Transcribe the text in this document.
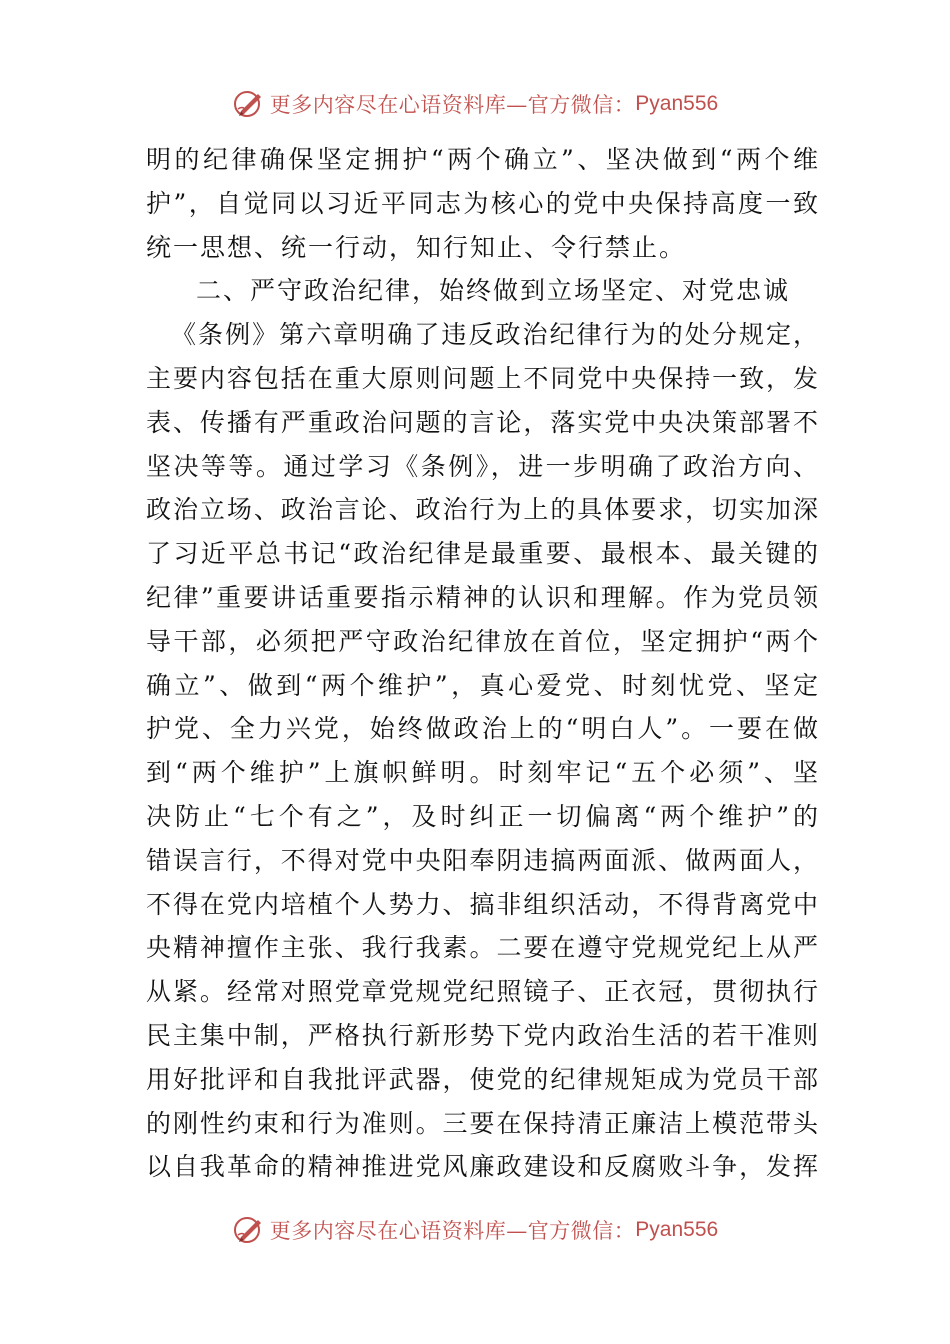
更多内容尽在心语资料库—官方微信： Pyan556
明的纪律确保坚定拥护“两个确立”、坚决做到“两个维
护”，自觉同以习近平同志为核心的党中央保持高度一致
统一思想、统一行动，知行知止、令行禁止。
二、严守政治纪律，始终做到立场坚定、对党忠诚
《条例》第六章明确了违反政治纪律行为的处分规定，
主要内容包括在重大原则问题上不同党中央保持一致，发
表、传播有严重政治问题的言论，落实党中央决策部署不
坚决等等。通过学习《条例》，进一步明确了政治方向、
政治立场、政治言论、政治行为上的具体要求，切实加深
了习近平总书记“政治纪律是最重要、最根本、最关键的
纪律”重要讲话重要指示精神的认识和理解。作为党员领
导干部，必须把严守政治纪律放在首位，坚定拥护“两个
确立”、做到“两个维护”，真心爱党、时刻忧党、坚定
护党、全力兴党，始终做政治上的“明白人”。一要在做
到“两个维护”上旗帜鲜明。时刻牢记“五个必须”、坚
决防止“七个有之”，及时纠正一切偏离“两个维护”的
错误言行，不得对党中央阳奉阴违搞两面派、做两面人，
不得在党内培植个人势力、搞非组织活动，不得背离党中
央精神擅作主张、我行我素。二要在遵守党规党纪上从严
从紧。经常对照党章党规党纪照镜子、正衣冠，贯彻执行
民主集中制，严格执行新形势下党内政治生活的若干准则
用好批评和自我批评武器，使党的纪律规矩成为党员干部
的刚性约束和行为准则。三要在保持清正廉洁上模范带头
以自我革命的精神推进党风廉政建设和反腐败斗争，发挥
更多内容尽在心语资料库—官方微信： Pyan556
